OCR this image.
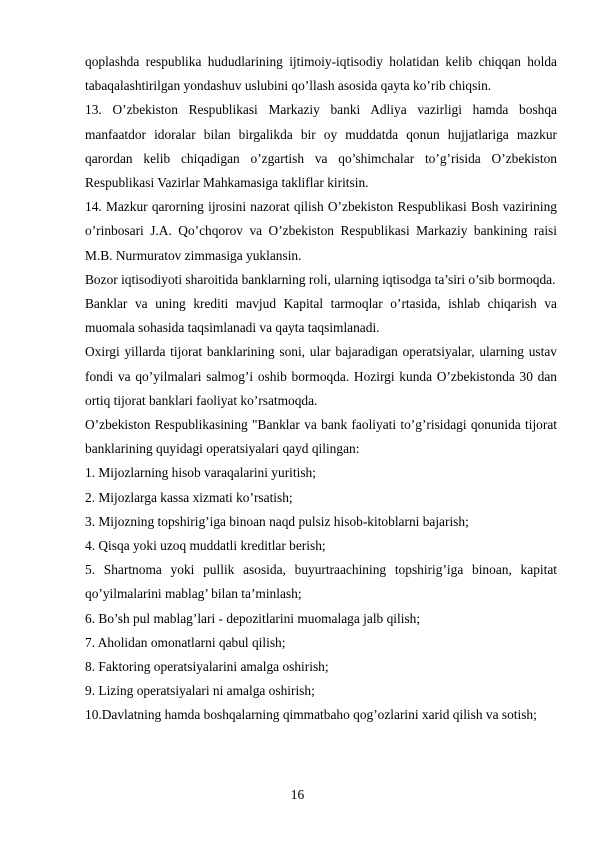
qoplashda respublika hududlarining ijtimoiy-iqtisodiy holatidan kelib chiqqan holda tabaqalashtirilgan yondashuv uslubini qo’llash asosida qayta ko’rib chiqsin.

13. O’zbekiston Respublikasi Markaziy banki Adliya vazirligi hamda boshqa manfaatdor idoralar bilan birgalikda bir oy muddatda qonun hujjatlariga mazkur qarordan kelib chiqadigan o’zgartish va qo’shimchalar to’g’risida O’zbekiston Respublikasi Vazirlar Mahkamasiga takliflar kiritsin.

14. Mazkur qarorning ijrosini nazorat qilish O’zbekiston Respublikasi Bosh vazirining o’rinbosari J.A. Qo’chqorov va O’zbekiston Respublikasi Markaziy bankining raisi M.B. Nurmuratov zimmasiga yuklansin.

Bozor iqtisodiyoti sharoitida banklarning roli, ularning iqtisodga ta’siri o’sib bormoqda.

Banklar va uning krediti mavjud Kapital tarmoqlar o’rtasida, ishlab chiqarish va muomala sohasida taqsimlanadi va qayta taqsimlanadi.

Oxirgi yillarda tijorat banklarining soni, ular bajaradigan operatsiyalar, ularning ustav fondi va qo’yilmalari salmog’i oshib bormoqda. Hozirgi kunda O’zbekistonda 30 dan ortiq tijorat banklari faoliyat ko’rsatmoqda.

O’zbekiston Respublikasining "Banklar va bank faoliyati to’g’risidagi qonunida tijorat banklarining quyidagi operatsiyalari qayd qilingan:

1. Mijozlarning hisob varaqalarini yuritish;

2. Mijozlarga kassa xizmati ko’rsatish;

3. Mijozning topshirig’iga binoan naqd pulsiz hisob-kitoblarni bajarish;

4. Qisqa yoki uzoq muddatli kreditlar berish;

5. Shartnoma yoki pullik asosida, buyurtraachining topshirig’iga binoan, kapitat qo’yilmalarini mablag’ bilan ta’minlash;

6. Bo’sh pul mablag’lari - depozitlarini muomalaga jalb qilish;

7. Aholidan omonatlarni qabul qilish;

8. Faktoring operatsiyalarini amalga oshirish;

9. Lizing operatsiyalari ni amalga oshirish;

10.Davlatning hamda boshqalarning qimmatbaho qog’ozlarini xarid qilish va sotish;

16
